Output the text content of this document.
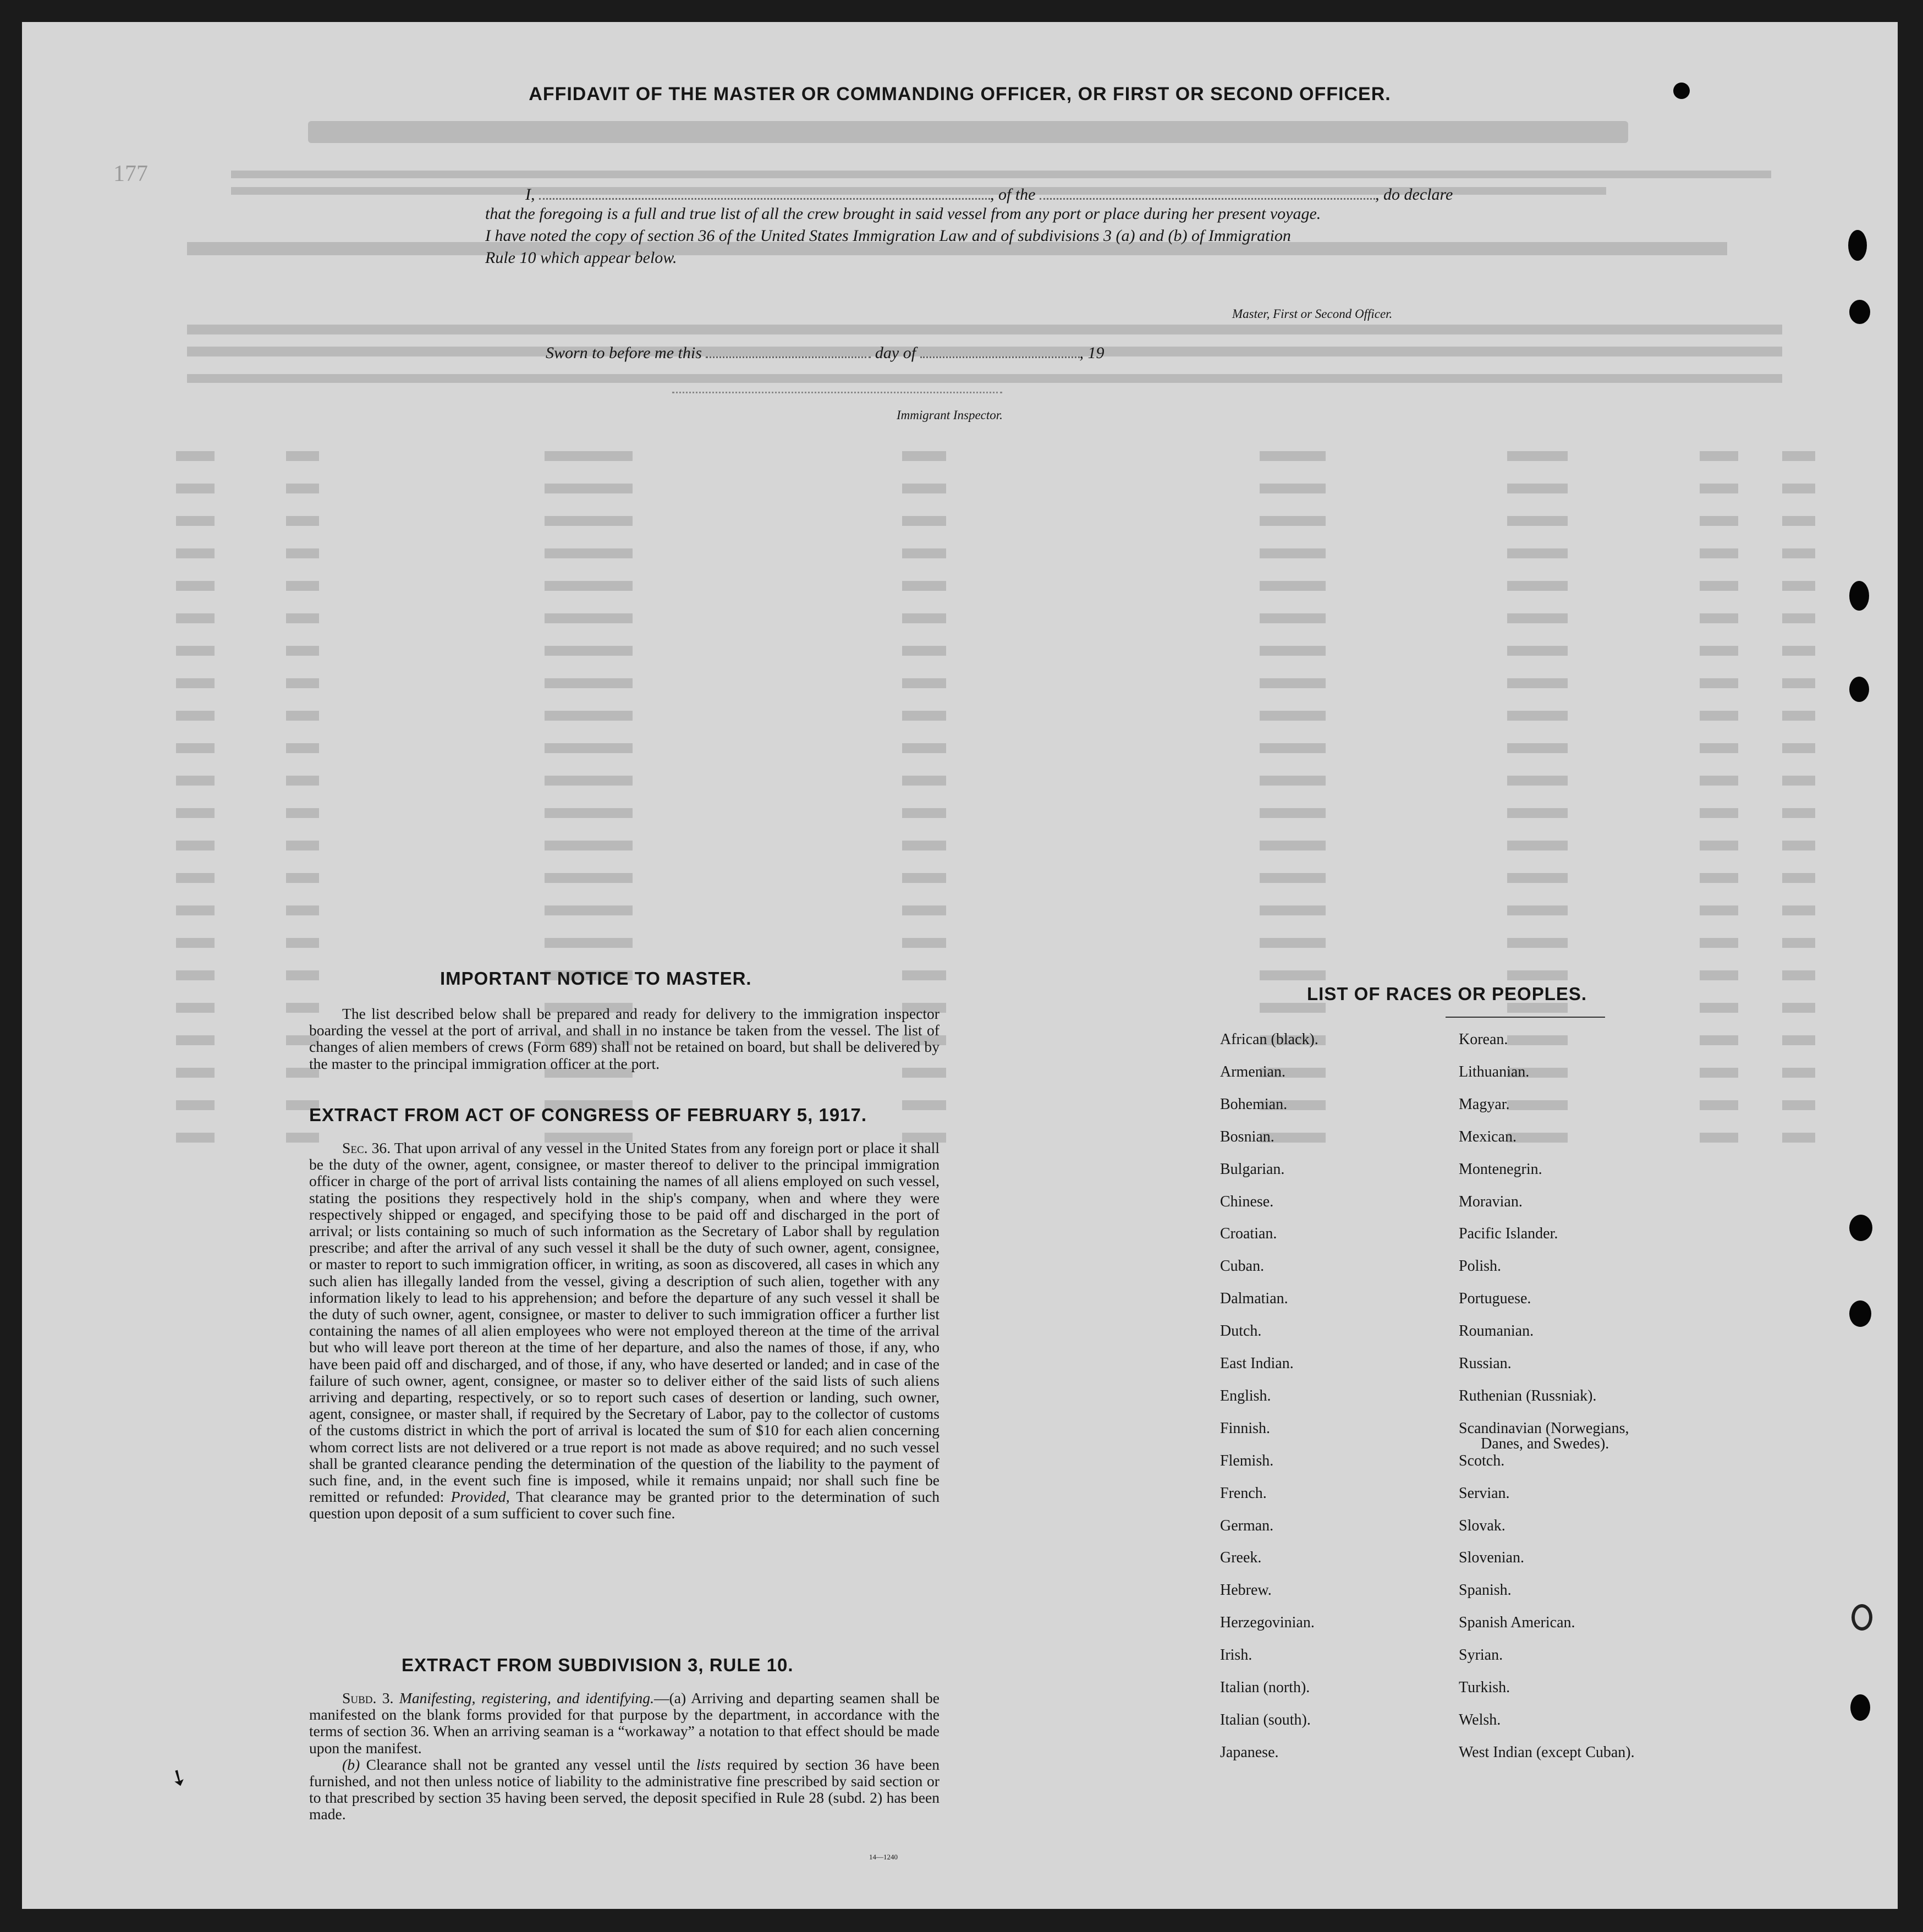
177
AFFIDAVIT OF THE MASTER OR COMMANDING OFFICER, OR FIRST OR SECOND OFFICER.
I,	, of the	, do declare
that the foregoing is a full and true list of all the crew brought in said vessel from any port or place during her present voyage.
I have noted the copy of section 36 of the United States Immigration Law and of subdivisions 3 (a) and (b) of Immigration
Rule 10 which appear below.
Master, First or Second Officer.
Sworn to before me this	day of	, 19
Immigrant Inspector.
IMPORTANT NOTICE TO MASTER.
The list described below shall be prepared and ready for delivery to the immigration inspector boarding the vessel at the port of arrival, and shall in no instance be taken from the vessel. The list of changes of alien members of crews (Form 689) shall not be retained on board, but shall be delivered by the master to the principal immigration officer at the port.
EXTRACT FROM ACT OF CONGRESS OF FEBRUARY 5, 1917.
Sec. 36. That upon arrival of any vessel in the United States from any foreign port or place it shall be the duty of the owner, agent, consignee, or master thereof to deliver to the principal immigration officer in charge of the port of arrival lists containing the names of all aliens employed on such vessel, stating the positions they respectively hold in the ship's company, when and where they were respectively shipped or engaged, and specifying those to be paid off and discharged in the port of arrival; or lists containing so much of such information as the Secretary of Labor shall by regulation prescribe; and after the arrival of any such vessel it shall be the duty of such owner, agent, consignee, or master to report to such immigration officer, in writing, as soon as discovered, all cases in which any such alien has illegally landed from the vessel, giving a description of such alien, together with any information likely to lead to his apprehension; and before the departure of any such vessel it shall be the duty of such owner, agent, consignee, or master to deliver to such immigration officer a further list containing the names of all alien employees who were not employed thereon at the time of the arrival but who will leave port thereon at the time of her departure, and also the names of those, if any, who have been paid off and discharged, and of those, if any, who have deserted or landed; and in case of the failure of such owner, agent, consignee, or master so to deliver either of the said lists of such aliens arriving and departing, respectively, or so to report such cases of desertion or landing, such owner, agent, consignee, or master shall, if required by the Secretary of Labor, pay to the collector of customs of the customs district in which the port of arrival is located the sum of $10 for each alien concerning whom correct lists are not delivered or a true report is not made as above required; and no such vessel shall be granted clearance pending the determination of the question of the liability to the payment of such fine, and, in the event such fine is imposed, while it remains unpaid; nor shall such fine be remitted or refunded: Provided, That clearance may be granted prior to the determination of such question upon deposit of a sum sufficient to cover such fine.
EXTRACT FROM SUBDIVISION 3, RULE 10.
Subd. 3. Manifesting, registering, and identifying.—(a) Arriving and departing seamen shall be manifested on the blank forms provided for that purpose by the department, in accordance with the terms of section 36. When an arriving seaman is a “workaway” a notation to that effect should be made upon the manifest.
(b) Clearance shall not be granted any vessel until the lists required by section 36 have been furnished, and not then unless notice of liability to the administrative fine prescribed by said section or to that prescribed by section 35 having been served, the deposit specified in Rule 28 (subd. 2) has been made.
14—1240
LIST OF RACES OR PEOPLES.
➘
African (black).
Armenian.
Bohemian.
Bosnian.
Bulgarian.
Chinese.
Croatian.
Cuban.
Dalmatian.
Dutch.
East Indian.
English.
Finnish.
Flemish.
French.
German.
Greek.
Hebrew.
Herzegovinian.
Irish.
Italian (north).
Italian (south).
Japanese.
Korean.
Lithuanian.
Magyar.
Mexican.
Montenegrin.
Moravian.
Pacific Islander.
Polish.
Portuguese.
Roumanian.
Russian.
Ruthenian (Russniak).
Scandinavian (Norwegians,
Danes, and Swedes).
Scotch.
Servian.
Slovak.
Slovenian.
Spanish.
Spanish American.
Syrian.
Turkish.
Welsh.
West Indian (except Cuban).
